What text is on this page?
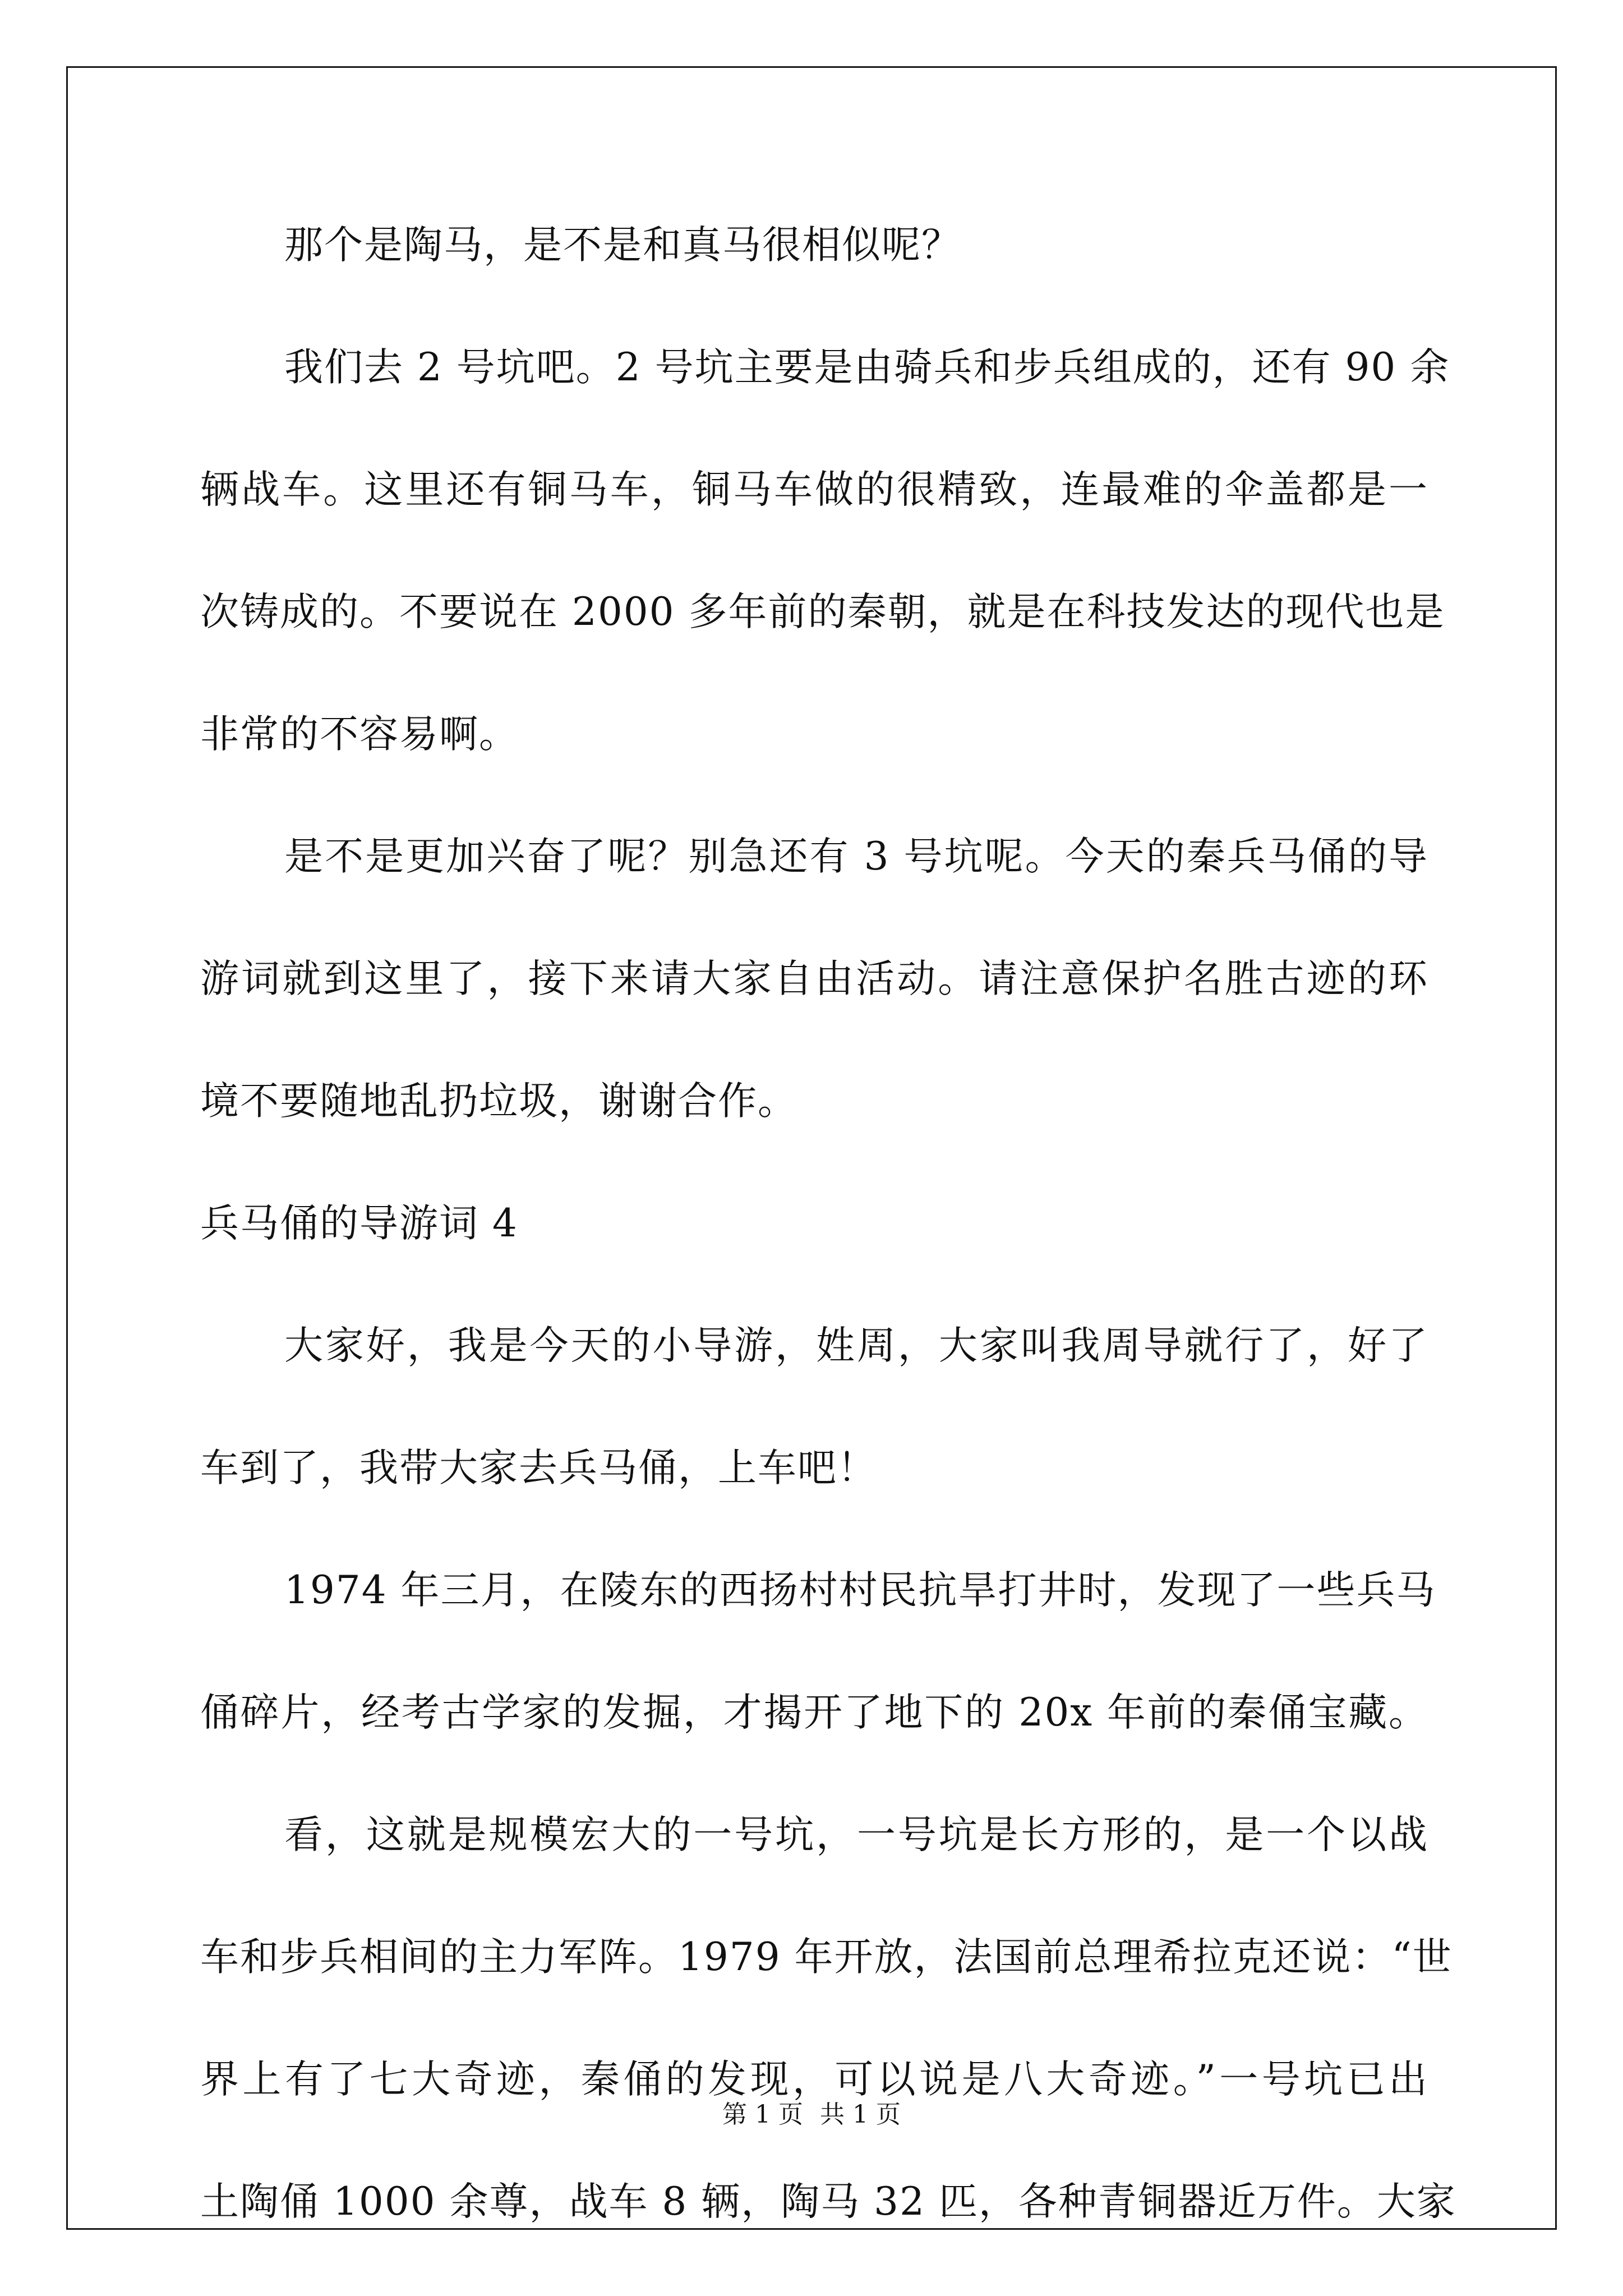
那个是陶马，是不是和真马很相似呢？
我们去 2 号坑吧。2 号坑主要是由骑兵和步兵组成的，还有 90 余
辆战车。这里还有铜马车，铜马车做的很精致，连最难的伞盖都是一
次铸成的。不要说在 2000 多年前的秦朝，就是在科技发达的现代也是
非常的不容易啊。
是不是更加兴奋了呢？别急还有 3 号坑呢。今天的秦兵马俑的导
游词就到这里了，接下来请大家自由活动。请注意保护名胜古迹的环
境不要随地乱扔垃圾，谢谢合作。
兵马俑的导游词 4
大家好，我是今天的小导游，姓周，大家叫我周导就行了，好了
车到了，我带大家去兵马俑，上车吧！
1974 年三月，在陵东的西扬村村民抗旱打井时，发现了一些兵马
俑碎片，经考古学家的发掘，才揭开了地下的 20x 年前的秦俑宝藏。
看，这就是规模宏大的一号坑，一号坑是长方形的，是一个以战
车和步兵相间的主力军阵。1979 年开放，法国前总理希拉克还说：“世
界上有了七大奇迹，秦俑的发现，可以说是八大奇迹。”一号坑已出
土陶俑 1000 余尊，战车 8 辆，陶马 32 匹，各种青铜器近万件。大家
第 1 页 共 1 页
